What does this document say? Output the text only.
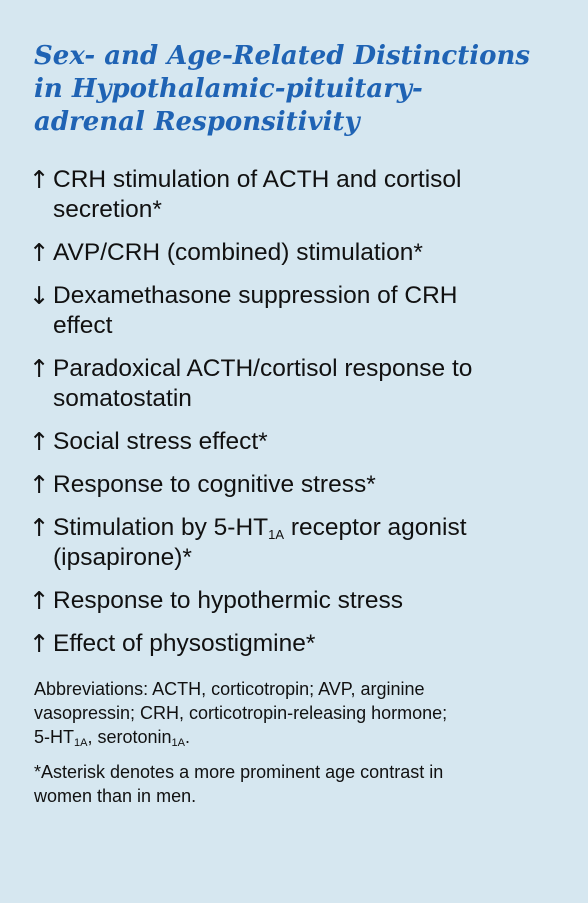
Sex- and Age-Related Distinctions
in Hypothalamic-pituitary-
adrenal Responsitivity
↑ CRH stimulation of ACTH and cortisol
secretion*
↑ AVP/CRH (combined) stimulation*
↓ Dexamethasone suppression of CRH
effect
↑ Paradoxical ACTH/cortisol response to
somatostatin
↑ Social stress effect*
↑ Response to cognitive stress*
↑ Stimulation by $5-HT_{1A}$ receptor agonist
(ipsapirone)*
↑ Response to hypothermic stress
↑ Effect of physostigmine*

Abbreviations: ACTH, corticotropin; AVP, arginine
vasopressin; CRH, corticotropin-releasing hormone;
$5-HT_{1A}$, serotonin$_{1A}$.

*Asterisk denotes a more prominent age contrast in
women than in men.
